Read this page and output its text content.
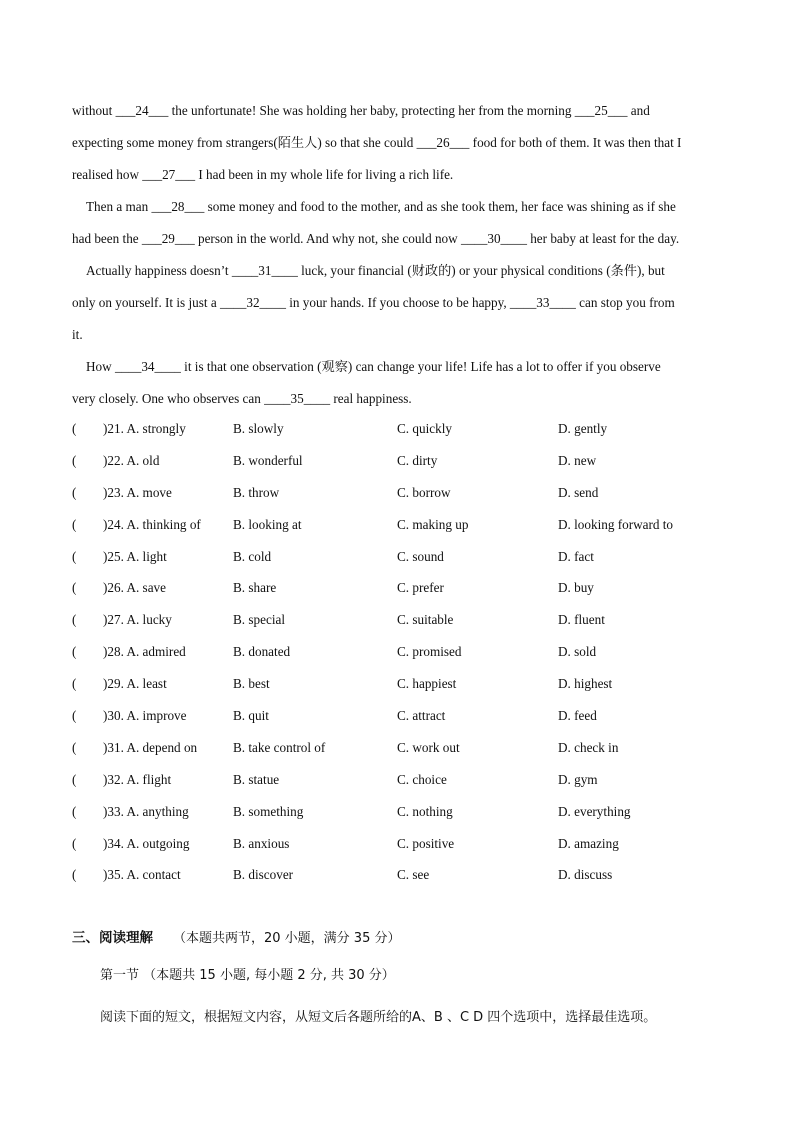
without ___24___ the unfortunate! She was holding her baby, protecting her from the morning ___25___ and
expecting some money from strangers(陌生人) so that she could ___26___ food for both of them. It was then that I
realised how ___27___ I had been in my whole life for living a rich life.
Then a man ___28___ some money and food to the mother, and as she took them, her face was shining as if she
had been the ___29___ person in the world. And why not, she could now ____30____ her baby at least for the day.
Actually happiness doesn’t ____31____ luck, your financial (财政的) or your physical conditions (条件), but
only on yourself. It is just a ____32____ in your hands. If you choose to be happy, ____33____ can stop you from
it.
How ____34____ it is that one observation (观察) can change your life! Life has a lot to offer if you observe
very closely. One who observes can ____35____ real happiness.
( )21. A. strongly	B. slowly	C. quickly	D. gently
( )22. A. old	B. wonderful	C. dirty	D. new
( )23. A. move	B. throw	C. borrow	D. send
( )24. A. thinking of B. looking at	C. making up	D. looking forward to
( )25. A. light	B. cold	C. sound	D. fact
( )26. A. save	B. share	C. prefer	D. buy
( )27. A. lucky	B. special	C. suitable	D. fluent
( )28. A. admired	B. donated	C. promised	D. sold
( )29. A. least	B. best	C. happiest	D. highest
( )30. A. improve	B. quit	C. attract	D. feed
( )31. A. depend on	B. take control of	C. work out	D. check in
( )32. A. flight	B. statue	C. choice	D. gym
( )33. A. anything	B. something	C. nothing	D. everything
( )34. A. outgoing	B. anxious	C. positive	D. amazing
( )35. A. contact	B. discover	C. see	D. discuss
三、阅读理解 （本题共两节，20 小题，满分 35 分）
第一节 （本题共 15 小题, 每小题 2 分, 共 30 分）
阅读下面的短文，根据短文内容，从短文后各题所给的A、B 、C D 四个选项中，选择最佳选项。
